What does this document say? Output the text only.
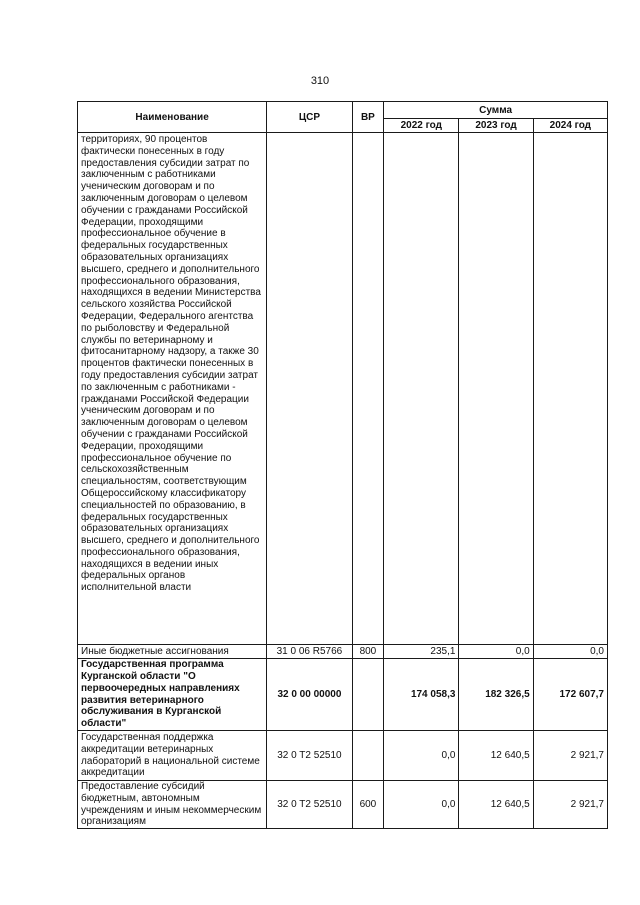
310
Наименование	ЦСР	ВР	Сумма		
			2022 год	2023 год	2024 год
территориях, 90 процентов фактически понесенных в году предоставления субсидии затрат по заключенным с работниками ученическим договорам и по заключенным договорам о целевом обучении с гражданами Российской Федерации, проходящими профессиональное обучение в федеральных государственных образовательных организациях высшего, среднего и дополнительного профессионального образования, находящихся в ведении Министерства сельского хозяйства Российской Федерации, Федерального агентства по рыболовству и Федеральной службы по ветеринарному и фитосанитарному надзору, а также 30 процентов фактически понесенных в году предоставления субсидии затрат по заключенным с работниками - гражданами Российской Федерации ученическим договорам и по заключенным договорам о целевом обучении с гражданами Российской Федерации, проходящими профессиональное обучение по сельскохозяйственным специальностям, соответствующим Общероссийскому классификатору специальностей по образованию, в федеральных государственных образовательных организациях высшего, среднего и дополнительного профессионального образования, находящихся в ведении иных федеральных органов исполнительной власти					
Иные бюджетные ассигнования	31 0 06 R5766	800	235,1	0,0	0,0
Государственная программа Курганской области "О первоочередных направлениях развития ветеринарного обслуживания в Курганской области"	32 0 00 00000		174 058,3	182 326,5	172 607,7
Государственная поддержка аккредитации ветеринарных лабораторий в национальной системе аккредитации	32 0 T2 52510		0,0	12 640,5	2 921,7
Предоставление субсидий бюджетным, автономным учреждениям и иным некоммерческим организациям	32 0 T2 52510	600	0,0	12 640,5	2 921,7
